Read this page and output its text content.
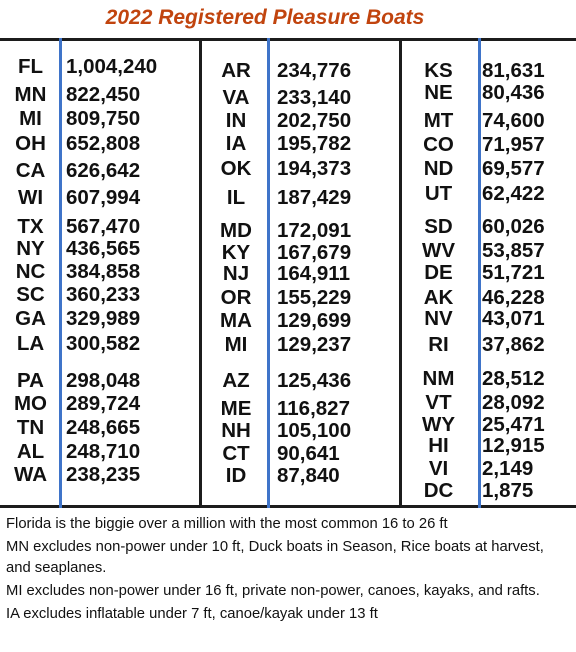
2022 Registered Pleasure Boats
FL	1,004,240
MN 822,450
MI	809,750
OH 652,808
CA	626,642
WI	607,994
TX	567,470
NY	436,565
NC	384,858
SC	360,233
GA 329,989
LA	300,582
PA	298,048
MO 289,724
TN	248,665
AL	248,710
WA 238,235
AR	234,776
VA	233,140
IN	202,750
IA	195,782
OK	194,373
IL	187,429
MD	172,091
KY	167,679
NJ	164,911
OR	155,229
MA	129,699
MI	129,237
AZ	125,436
ME	116,827
NH	105,100
CT	90,641
ID	87,840
KS	81,631
NE	80,436
MT	74,600
CO	71,957
ND	69,577
UT	62,422
SD	60,026
WV	53,857
DE	51,721
AK	46,228
NV	43,071
RI	37,862
NM	28,512
VT	28,092
WY	25,471
HI	12,915
VI	2,149
DC	1,875

Florida is the biggie over a million with the most common 16 to 26 ft

MN excludes non-power under 10 ft, Duck boats in Season, Rice boats at harvest, and seaplanes.

MI excludes non-power under 16 ft, private non-power, canoes, kayaks, and rafts.

IA excludes inflatable under 7 ft, canoe/kayak under 13 ft
